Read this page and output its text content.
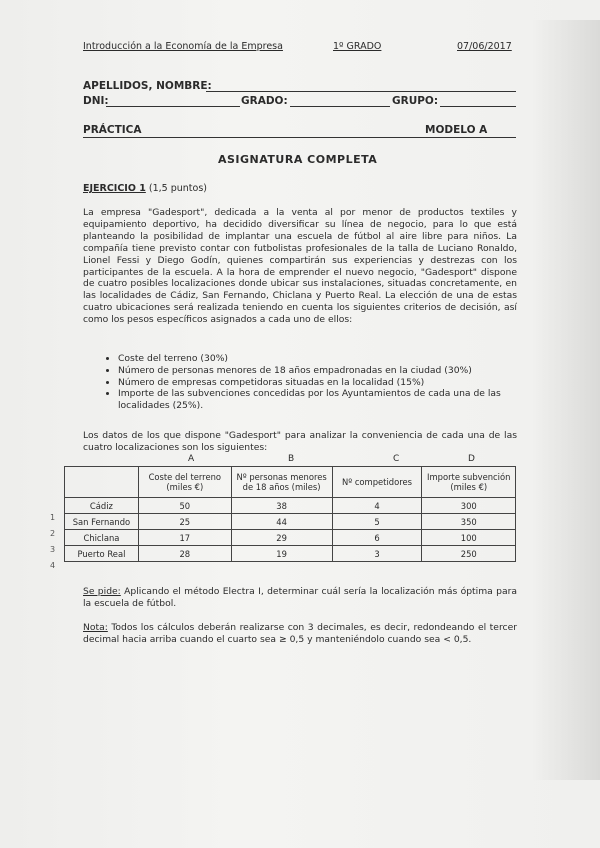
Introducción a la Economía de la Empresa	1º GRADO	07/06/2017
APELLIDOS, NOMBRE:
DNI:	GRADO:	GRUPO:
PRÁCTICA	MODELO A
ASIGNATURA COMPLETA
EJERCICIO 1 (1,5 puntos)
La empresa "Gadesport", dedicada a la venta al por menor de productos textiles y equipamiento deportivo, ha decidido diversificar su línea de negocio, para lo que está planteando la posibilidad de implantar una escuela de fútbol al aire libre para niños. La compañía tiene previsto contar con futbolistas profesionales de la talla de Luciano Ronaldo, Lionel Fessi y Diego Godín, quienes compartirán sus experiencias y destrezas con los participantes de la escuela. A la hora de emprender el nuevo negocio, "Gadesport" dispone de cuatro posibles localizaciones donde ubicar sus instalaciones, situadas concretamente, en las localidades de Cádiz, San Fernando, Chiclana y Puerto Real. La elección de una de estas cuatro ubicaciones será realizada teniendo en cuenta los siguientes criterios de decisión, así como los pesos específicos asignados a cada uno de ellos:
• Coste del terreno (30%)
• Número de personas menores de 18 años empadronadas en la ciudad (30%)
• Número de empresas competidoras situadas en la localidad (15%)
• Importe de las subvenciones concedidas por los Ayuntamientos de cada una de las localidades (25%).
Los datos de los que dispone "Gadesport" para analizar la conveniencia de cada una de las cuatro localizaciones son los siguientes:
A	B	C	D
	Coste del terreno (miles €)	Nº personas menores de 18 años (miles)	Nº competidores	Importe subvención (miles €)
Cádiz	50	38	4	300
San Fernando	25	44	5	350
Chiclana	17	29	6	100
Puerto Real	28	19	3	250
1
2
3
4
Se pide: Aplicando el método Electra I, determinar cuál sería la localización más óptima para la escuela de fútbol.
Nota: Todos los cálculos deberán realizarse con 3 decimales, es decir, redondeando el tercer decimal hacia arriba cuando el cuarto sea ≥ 0,5 y manteniéndolo cuando sea < 0,5.
